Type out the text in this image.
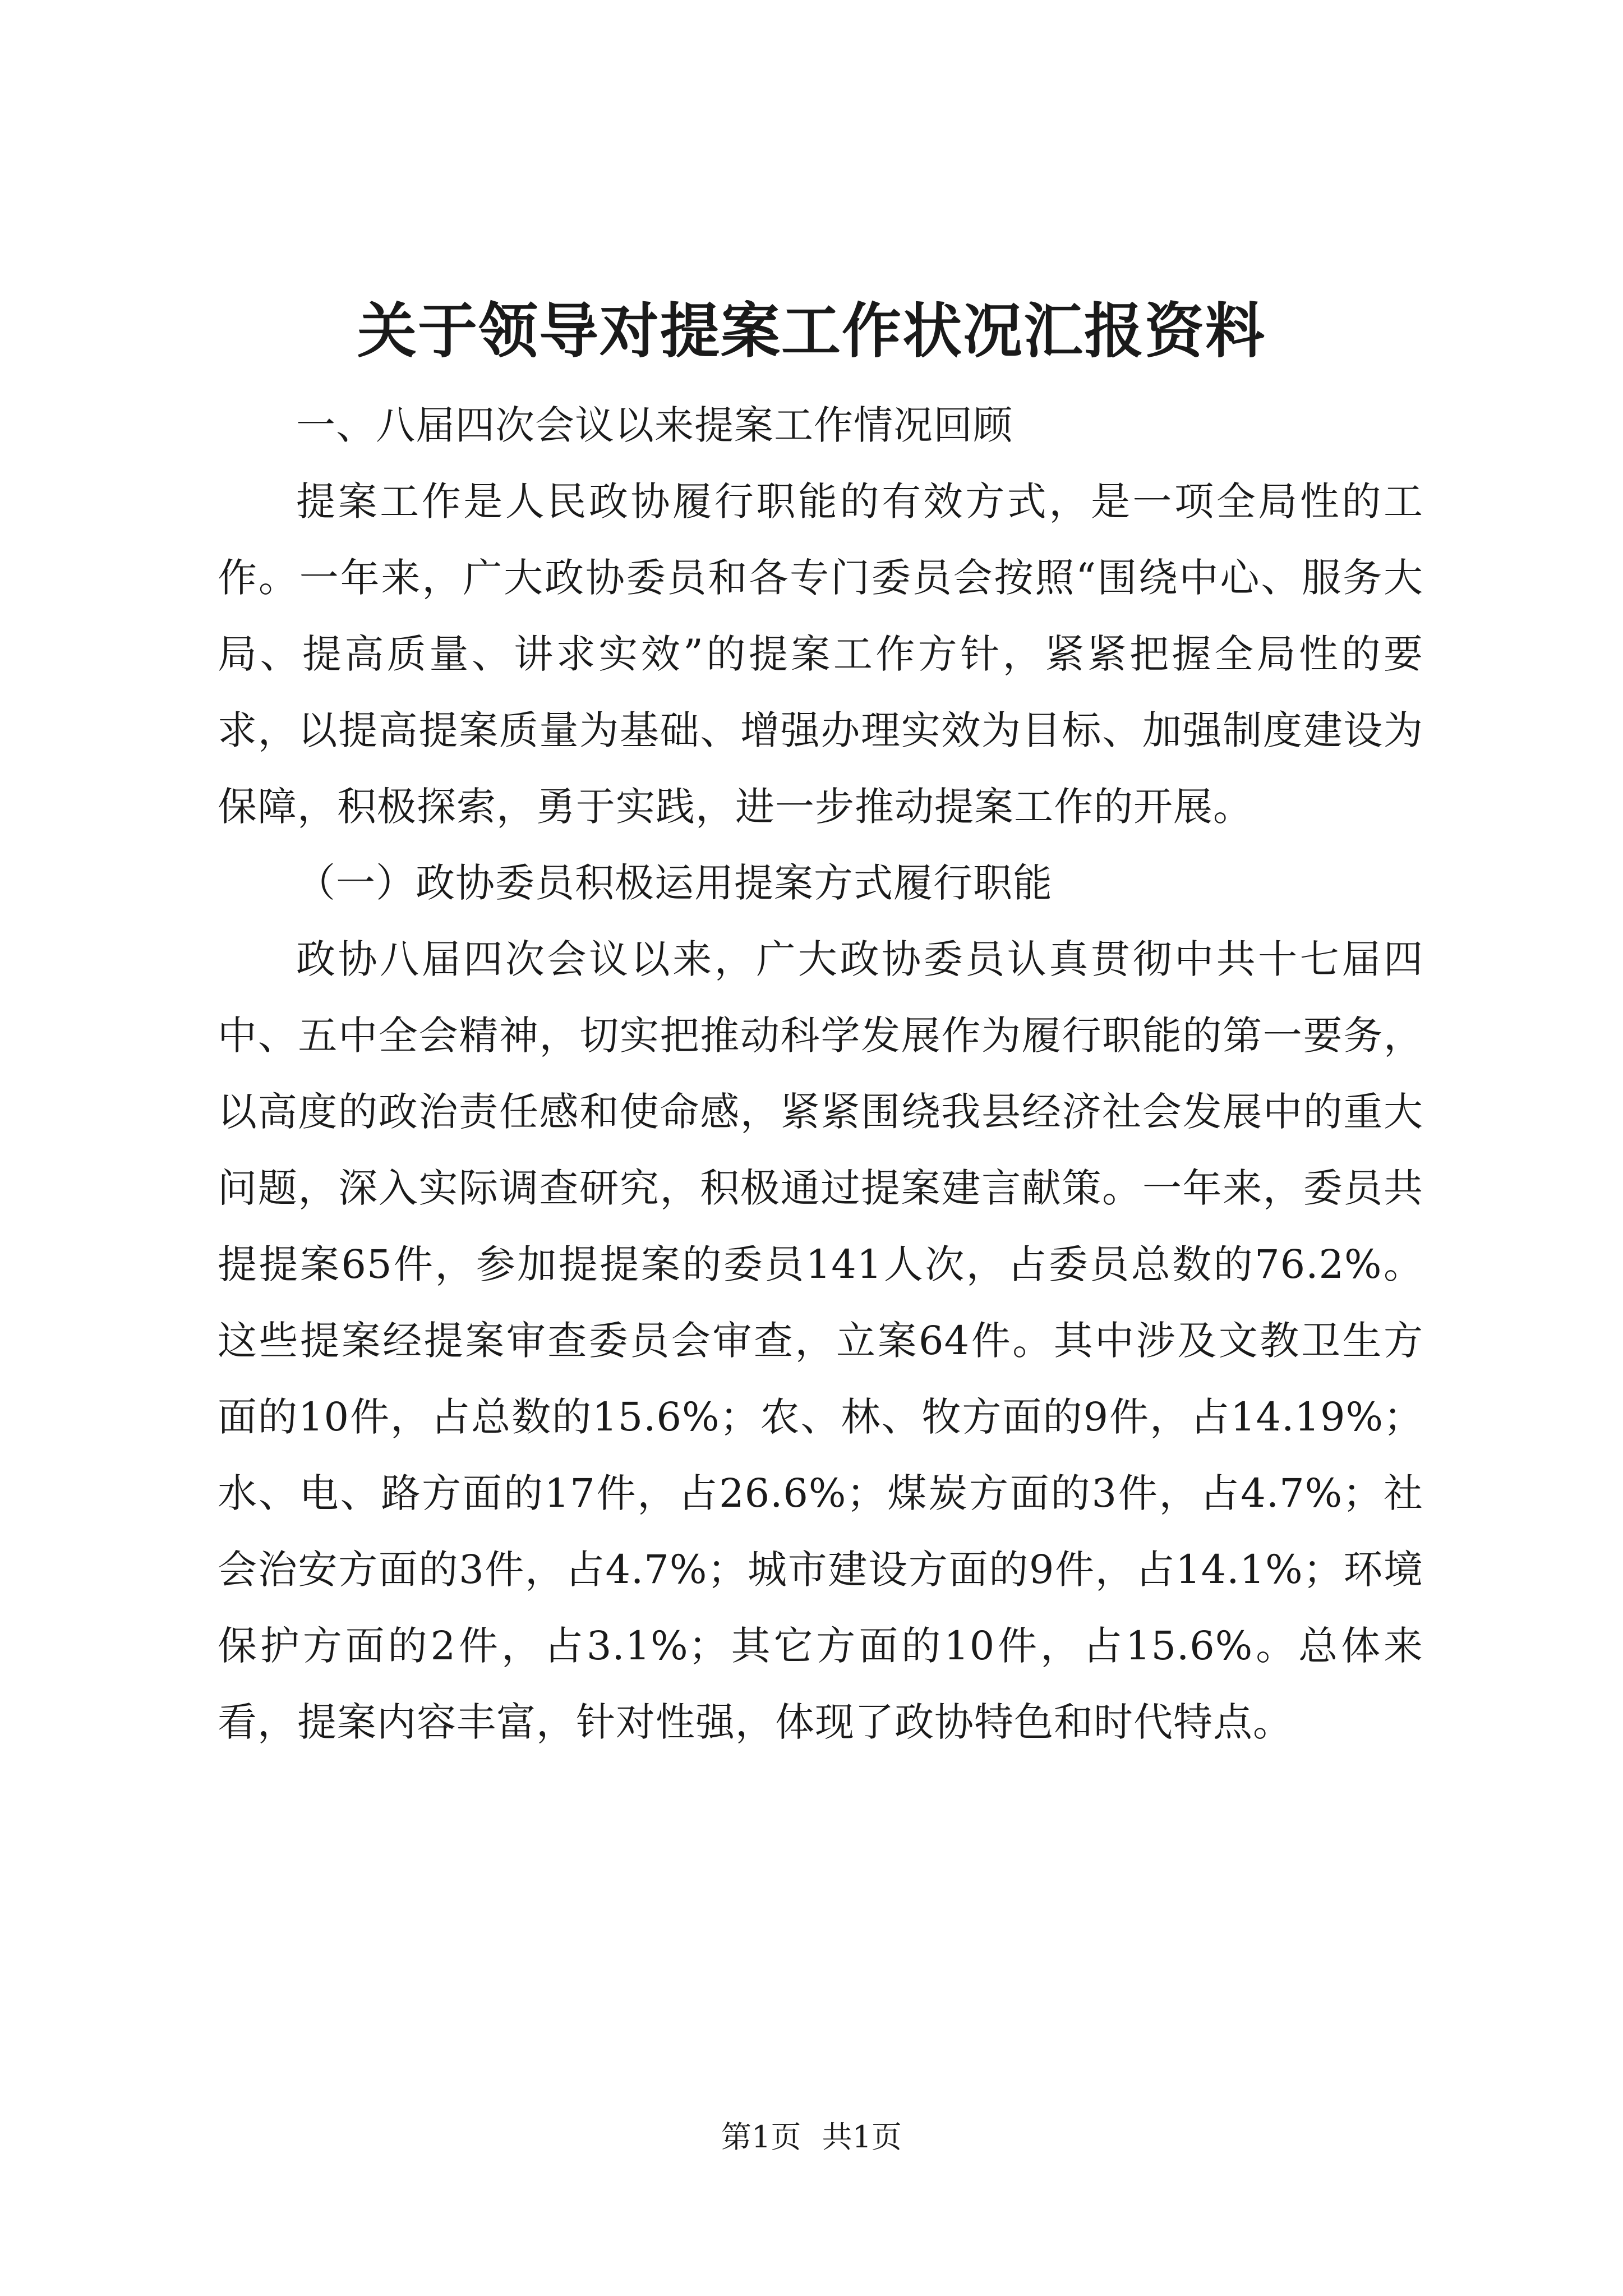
关于领导对提案工作状况汇报资料

一、八届四次会议以来提案工作情况回顾

提案工作是人民政协履行职能的有效方式，是一项全局性的工作。一年来，广大政协委员和各专门委员会按照“围绕中心、服务大局、提高质量、讲求实效”的提案工作方针，紧紧把握全局性的要求，以提高提案质量为基础、增强办理实效为目标、加强制度建设为保障，积极探索，勇于实践，进一步推动提案工作的开展。

（一）政协委员积极运用提案方式履行职能

政协八届四次会议以来，广大政协委员认真贯彻中共十七届四中、五中全会精神，切实把推动科学发展作为履行职能的第一要务，以高度的政治责任感和使命感，紧紧围绕我县经济社会发展中的重大问题，深入实际调查研究，积极通过提案建言献策。一年来，委员共提提案65件，参加提提案的委员141人次，占委员总数的76.2%。这些提案经提案审查委员会审查，立案64件。其中涉及文教卫生方面的10件，占总数的15.6%；农、林、牧方面的9件，占14.19%；水、电、路方面的17件，占26.6%；煤炭方面的3件，占4.7%；社会治安方面的3件，占4.7%；城市建设方面的9件，占14.1%；环境保护方面的2件，占3.1%；其它方面的10件，占15.6%。总体来看，提案内容丰富，针对性强，体现了政协特色和时代特点。

第1页 共1页
